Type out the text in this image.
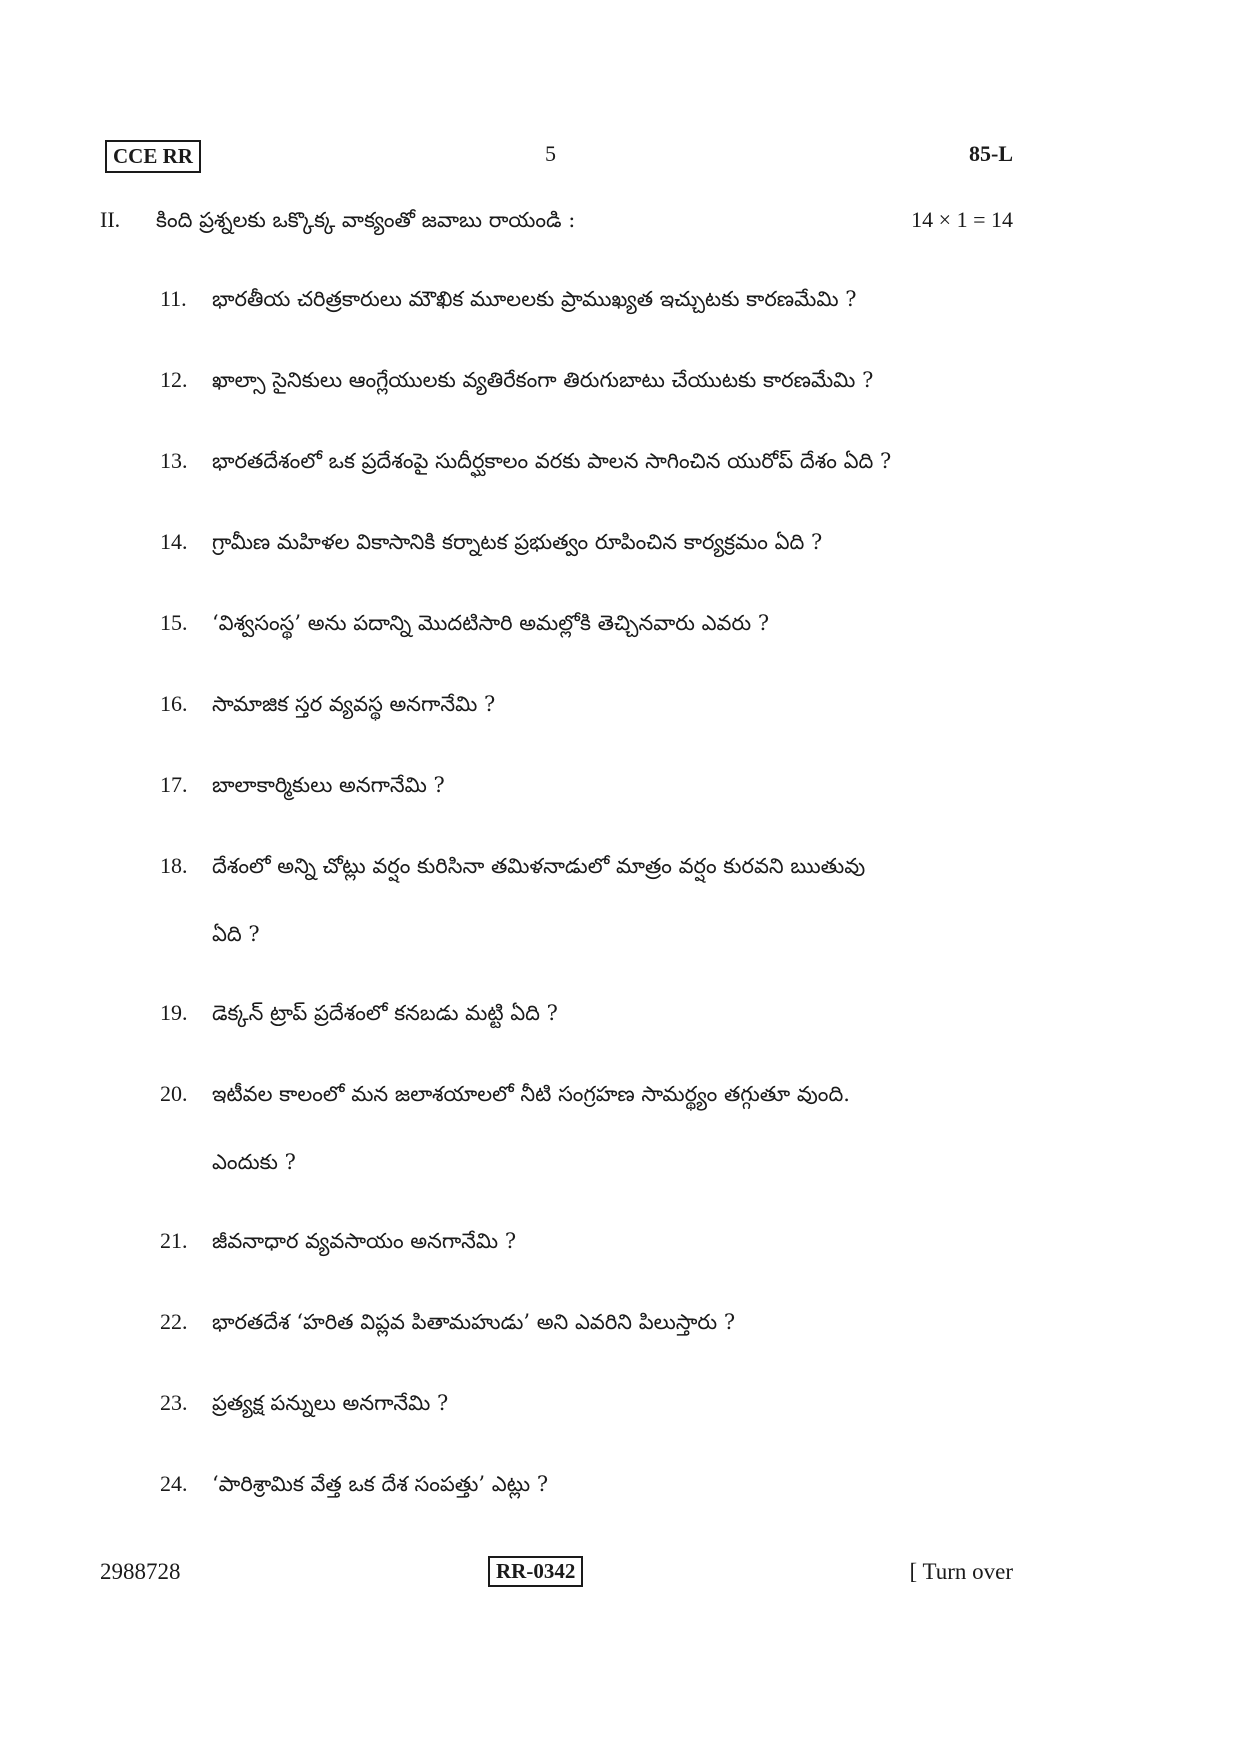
CCE RR	5	85-L
II. కింది ప్రశ్నలకు ఒక్కొక్క వాక్యంతో జవాబు రాయండి :	14 × 1 = 14
11. భారతీయ చరిత్రకారులు మౌఖిక మూలలకు ప్రాముఖ్యత ఇచ్చుటకు కారణమేమి ?
12. ఖాల్సా సైనికులు ఆంగ్లేయులకు వ్యతిరేకంగా తిరుగుబాటు చేయుటకు కారణమేమి ?
13. భారతదేశంలో ఒక ప్రదేశంపై సుదీర్ఘకాలం వరకు పాలన సాగించిన యురోప్ దేశం ఏది ?
14. గ్రామీణ మహిళల వికాసానికి కర్నాటక ప్రభుత్వం రూపించిన కార్యక్రమం ఏది ?
15. ‘విశ్వసంస్థ’ అను పదాన్ని మొదటిసారి అమల్లోకి తెచ్చినవారు ఎవరు ?
16. సామాజిక స్తర వ్యవస్థ అనగానేమి ?
17. బాలాకార్మికులు అనగానేమి ?
18. దేశంలో అన్ని చోట్లు వర్షం కురిసినా తమిళనాడులో మాత్రం వర్షం కురవని ఋతువు
ఏది ?
19. డెక్కన్ ట్రాప్ ప్రదేశంలో కనబడు మట్టి ఏది ?
20. ఇటీవల కాలంలో మన జలాశయాలలో నీటి సంగ్రహణ సామర్థ్యం తగ్గుతూ వుంది.
ఎందుకు ?
21. జీవనాధార వ్యవసాయం అనగానేమి ?
22. భారతదేశ ‘హరిత విప్లవ పితామహుడు’ అని ఎవరిని పిలుస్తారు ?
23. ప్రత్యక్ష పన్నులు అనగానేమి ?
24. ‘పారిశ్రామిక వేత్త ఒక దేశ సంపత్తు’ ఎట్లు ?
2988728	RR-0342	[ Turn over
